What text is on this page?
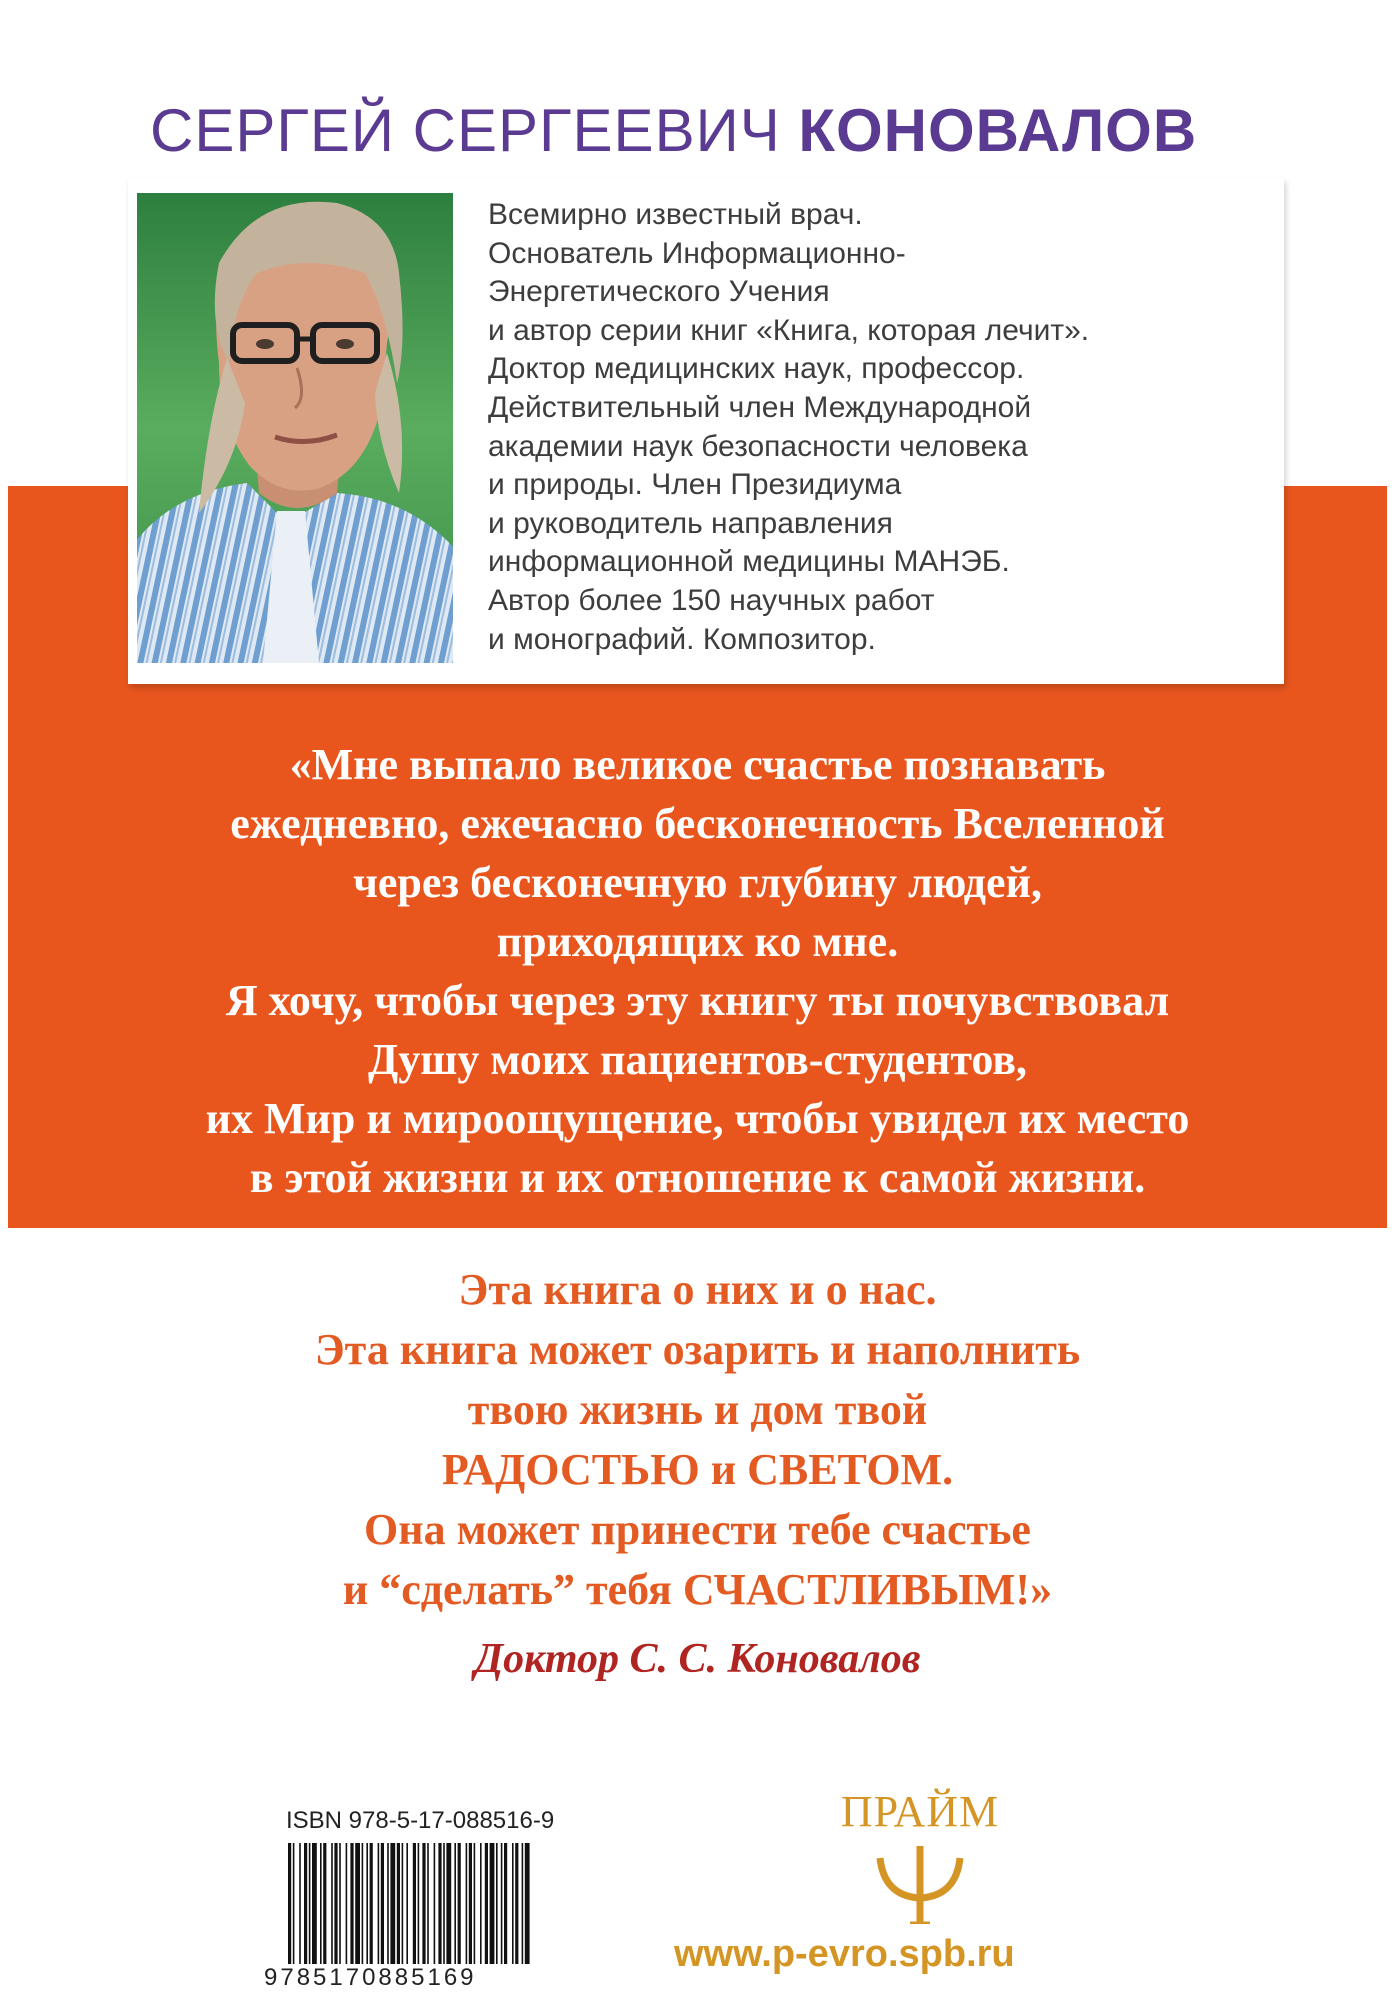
СЕРГЕЙ СЕРГЕЕВИЧ КОНОВАЛОВ
Всемирно известный врач.
Основатель Информационно-
Энергетического Учения
и автор серии книг «Книга, которая лечит».
Доктор медицинских наук, профессор.
Действительный член Международной
академии наук безопасности человека
и природы. Член Президиума
и руководитель направления
информационной медицины МАНЭБ.
Автор более 150 научных работ
и монографий. Композитор.
«Мне выпало великое счастье познавать
ежедневно, ежечасно бесконечность Вселенной
через бесконечную глубину людей,
приходящих ко мне.
Я хочу, чтобы через эту книгу ты почувствовал
Душу моих пациентов-студентов,
их Мир и мироощущение, чтобы увидел их место
в этой жизни и их отношение к самой жизни.
Эта книга о них и о нас.
Эта книга может озарить и наполнить
твою жизнь и дом твой
РАДОСТЬЮ и СВЕТОМ.
Она может принести тебе счастье
и “сделать” тебя СЧАСТЛИВЫМ!»
Доктор С. С. Коновалов
ISBN 978-5-17-088516-9
9785170885169
ПРАЙМ
www.p-evro.spb.ru
